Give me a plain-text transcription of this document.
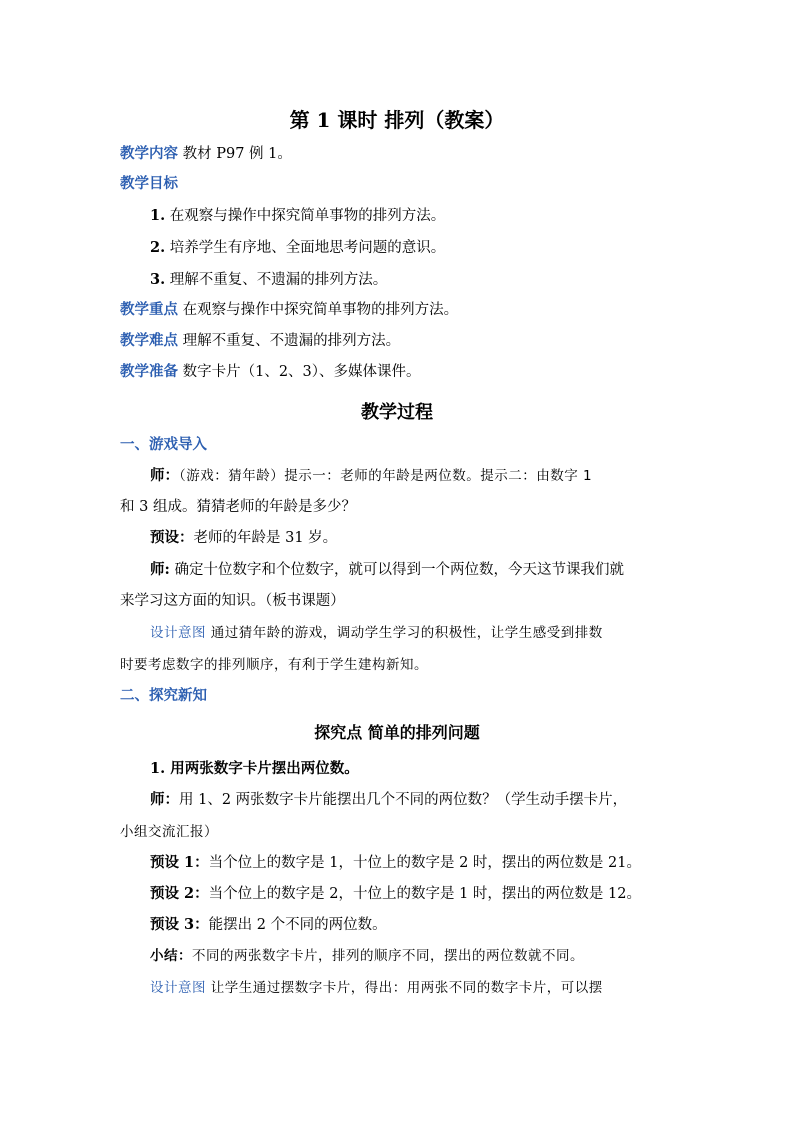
第 1 课时 排列（教案）
教学内容 教材 P97 例 1。
教学目标
1. 在观察与操作中探究简单事物的排列方法。
2. 培养学生有序地、全面地思考问题的意识。
3. 理解不重复、不遗漏的排列方法。
教学重点 在观察与操作中探究简单事物的排列方法。
教学难点 理解不重复、不遗漏的排列方法。
教学准备 数字卡片（1、2、3）、多媒体课件。
教学过程
一、游戏导入
师：（游戏：猜年龄）提示一：老师的年龄是两位数。提示二：由数字 1
和 3 组成。猜猜老师的年龄是多少？
预设：老师的年龄是 31 岁。
师: 确定十位数字和个位数字，就可以得到一个两位数，今天这节课我们就
来学习这方面的知识。（板书课题）
设计意图 通过猜年龄的游戏，调动学生学习的积极性，让学生感受到排数
时要考虑数字的排列顺序，有利于学生建构新知。
二、探究新知
探究点 简单的排列问题
1. 用两张数字卡片摆出两位数。
师：用 1、2 两张数字卡片能摆出几个不同的两位数？（学生动手摆卡片，
小组交流汇报）
预设 1：当个位上的数字是 1，十位上的数字是 2 时，摆出的两位数是 21。
预设 2：当个位上的数字是 2，十位上的数字是 1 时，摆出的两位数是 12。
预设 3：能摆出 2 个不同的两位数。
小结：不同的两张数字卡片，排列的顺序不同，摆出的两位数就不同。
设计意图 让学生通过摆数字卡片，得出：用两张不同的数字卡片，可以摆
